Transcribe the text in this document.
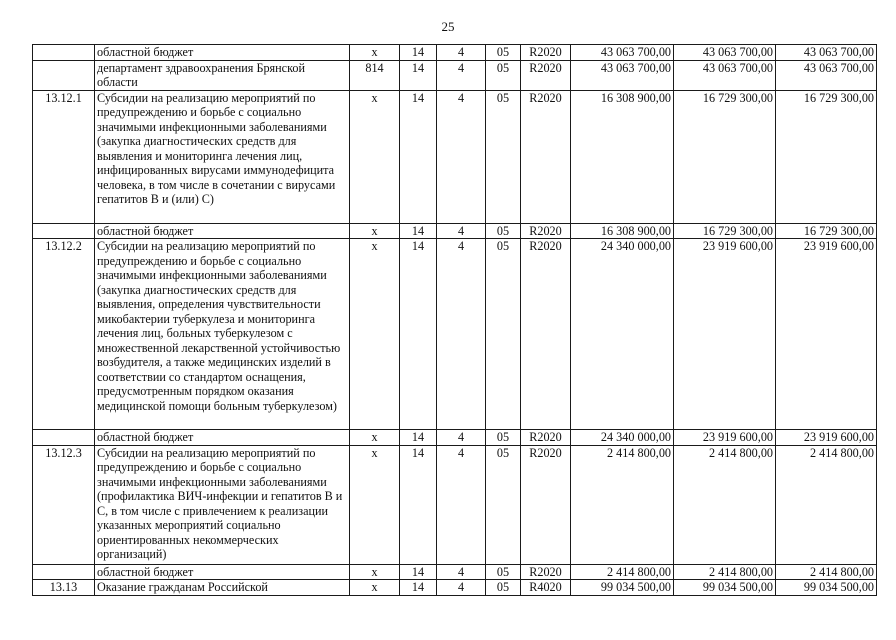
25
	областной бюджет	x	14	4	05	R2020	43 063 700,00	43 063 700,00	43 063 700,00
	департамент здравоохранения Брянской области	814	14	4	05	R2020	43 063 700,00	43 063 700,00	43 063 700,00
13.12.1	Субсидии на реализацию мероприятий по предупреждению и борьбе с социально значимыми инфекционными заболеваниями (закупка диагностических средств для выявления и мониторинга лечения лиц, инфицированных вирусами иммунодефицита человека, в том числе в сочетании с вирусами гепатитов В и (или) С)	x	14	4	05	R2020	16 308 900,00	16 729 300,00	16 729 300,00
	областной бюджет	x	14	4	05	R2020	16 308 900,00	16 729 300,00	16 729 300,00
13.12.2	Субсидии на реализацию мероприятий по предупреждению и борьбе с социально значимыми инфекционными заболеваниями (закупка диагностических средств для выявления, определения чувствительности микобактерии туберкулеза и мониторинга лечения лиц, больных туберкулезом с множественной лекарственной устойчивостью возбудителя, а также медицинских изделий в соответствии со стандартом оснащения, предусмотренным порядком оказания медицинской помощи больным туберкулезом)	x	14	4	05	R2020	24 340 000,00	23 919 600,00	23 919 600,00
	областной бюджет	x	14	4	05	R2020	24 340 000,00	23 919 600,00	23 919 600,00
13.12.3	Субсидии на реализацию мероприятий по предупреждению и борьбе с социально значимыми инфекционными заболеваниями (профилактика ВИЧ-инфекции и гепатитов В и С, в том числе с привлечением к реализации указанных мероприятий социально ориентированных некоммерческих организаций)	x	14	4	05	R2020	2 414 800,00	2 414 800,00	2 414 800,00
	областной бюджет	x	14	4	05	R2020	2 414 800,00	2 414 800,00	2 414 800,00
13.13	Оказание гражданам Российской	x	14	4	05	R4020	99 034 500,00	99 034 500,00	99 034 500,00
